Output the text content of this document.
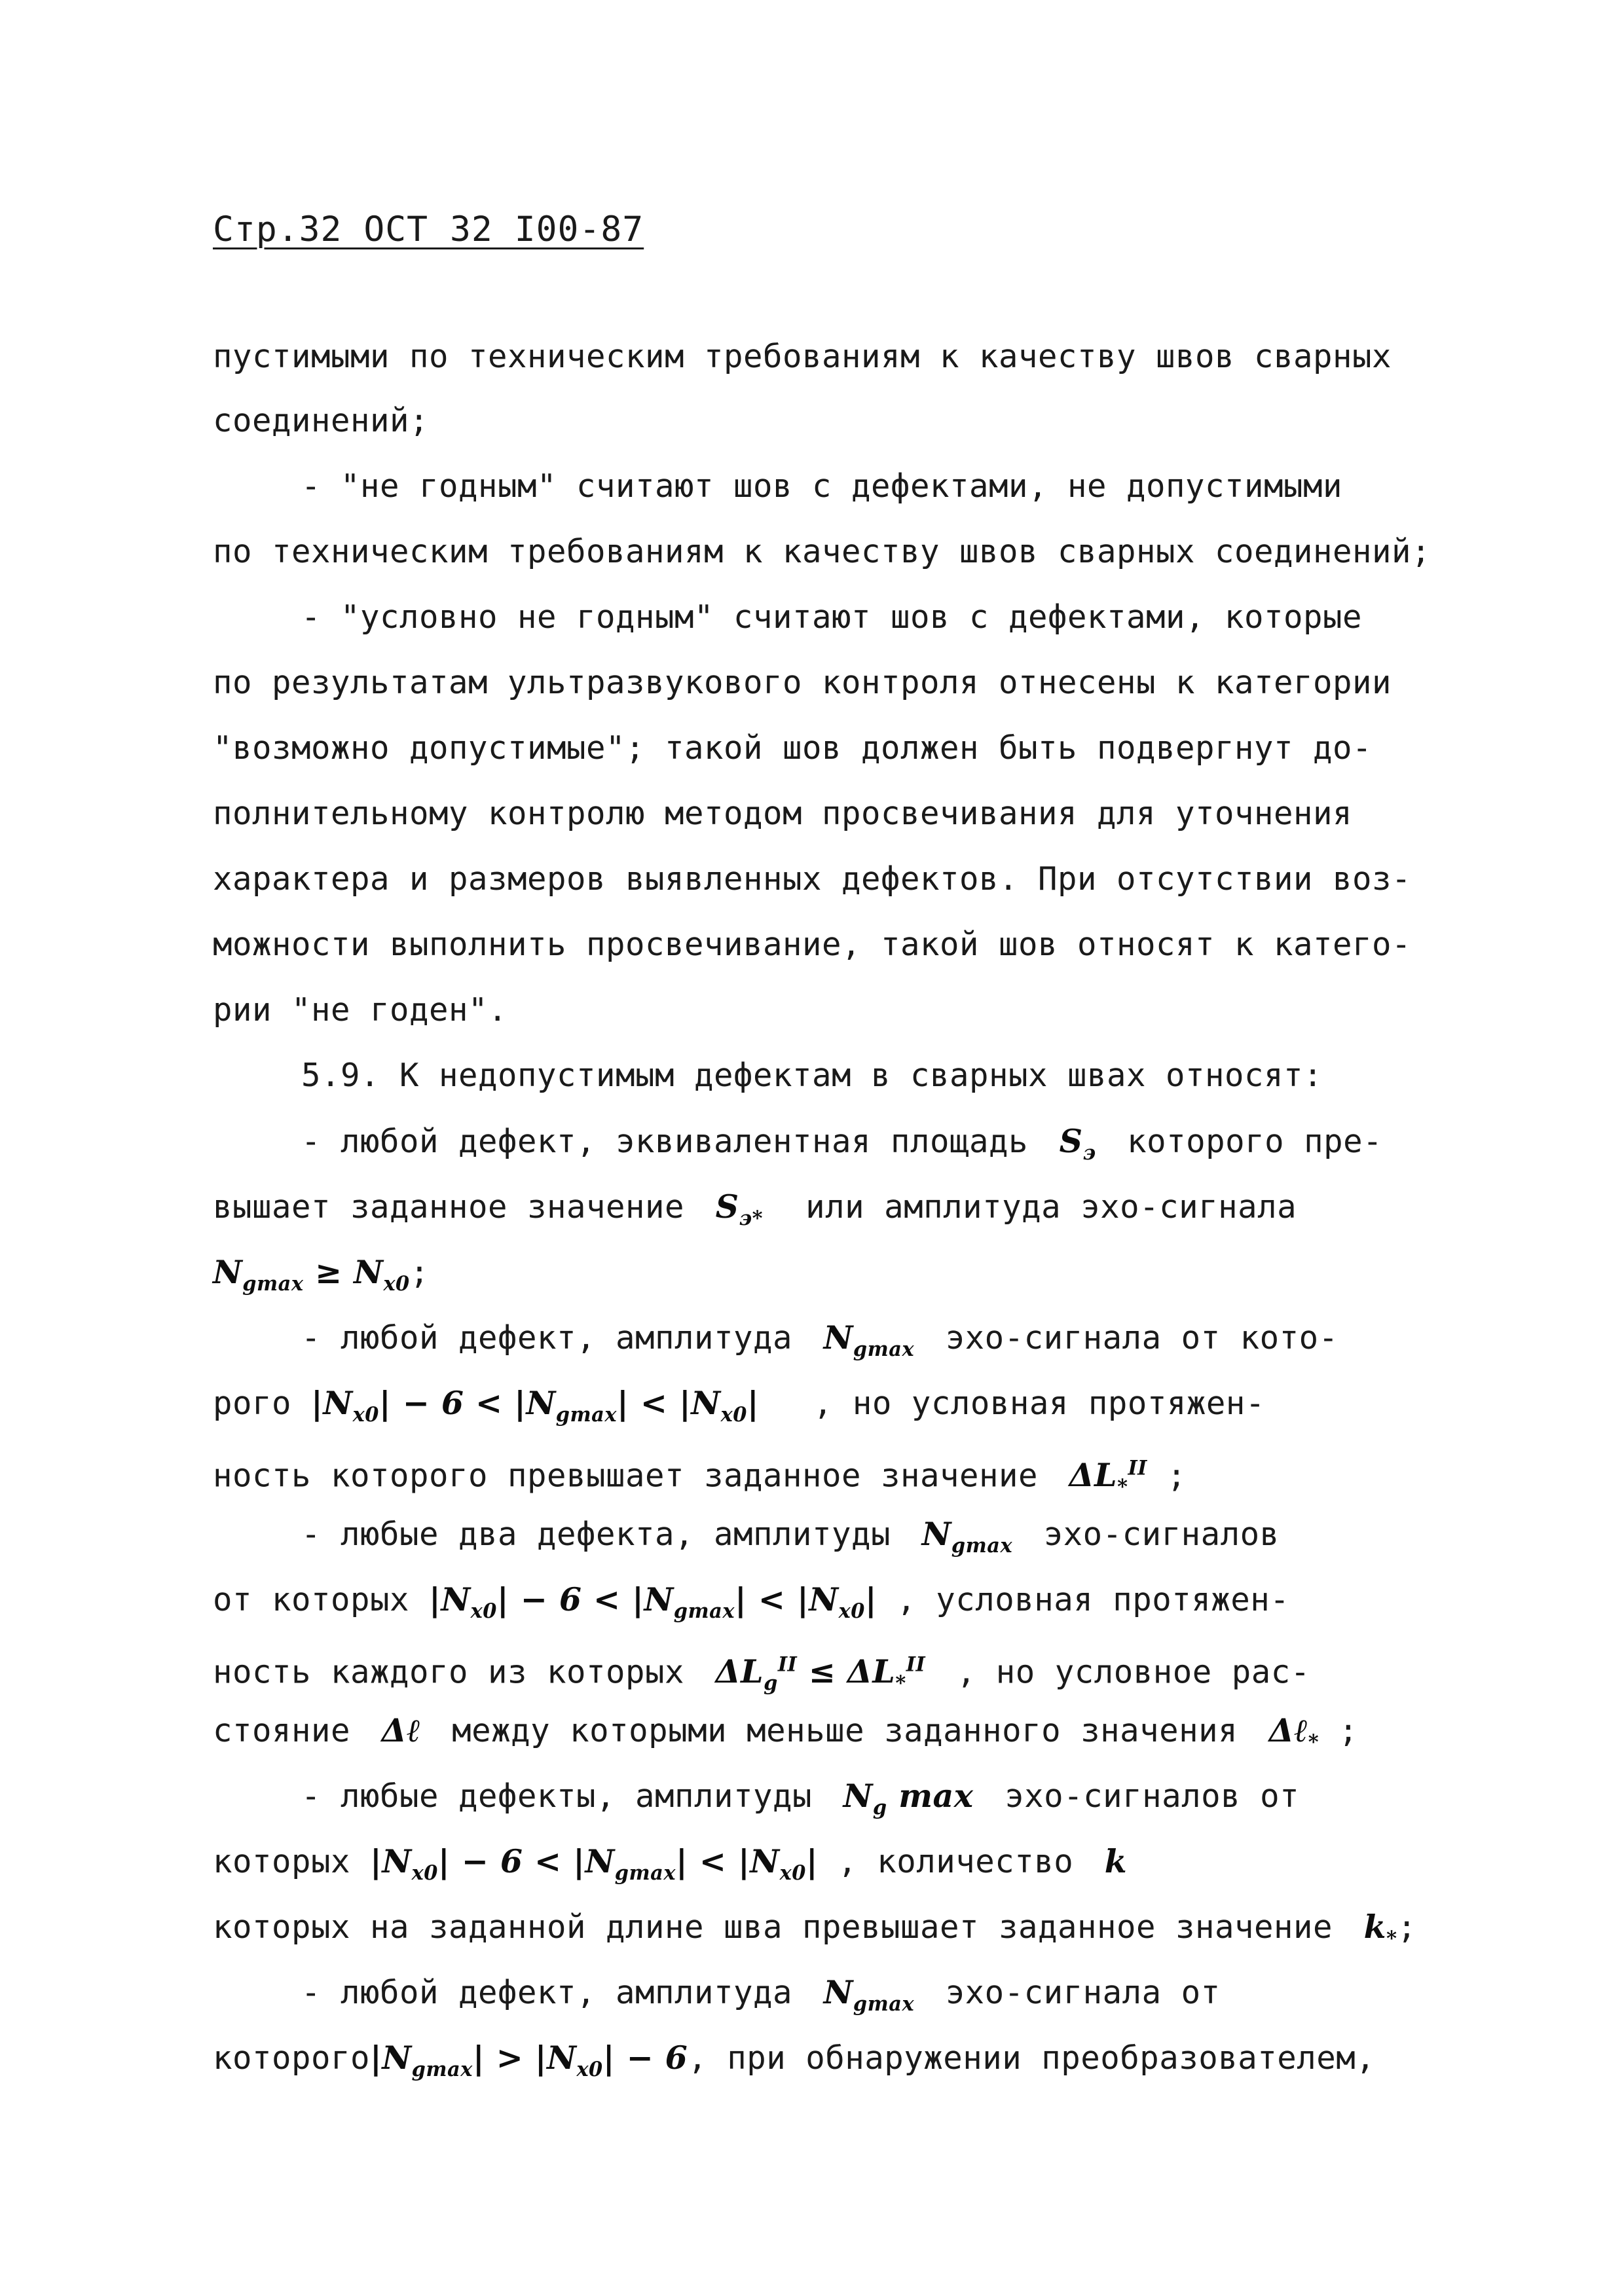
Стр.32 ОСТ 32 I00-87
пустимыми по техническим требованиям к качеству швов сварных
соединений;
- "не годным" считают шов с дефектами, не допустимыми
по техническим требованиям к качеству швов сварных соединений;
- "условно не годным" считают шов с дефектами, которые
по результатам ультразвукового контроля отнесены к категории
"возможно допустимые"; такой шов должен быть подвергнут до-
полнительному контролю методом просвечивания для уточнения
характера и размеров выявленных дефектов. При отсутствии воз-
можности выполнить просвечивание, такой шов относят к катего-
рии "не годен".
5.9. К недопустимым дефектам в сварных швах относят:
- любой дефект, эквивалентная площадь  $S_э$ которого пре-
вышает заданное значение  $S_{э*}$ или амплитуда эхо-сигнала
$N_{gmax} \ge N_{x0}$;
- любой дефект, амплитуда  $N_{gmax}$ эхо-сигнала от кото-
рого $|N_{x0}| - 6 < |N_{gmax}| < |N_{x0}|$    , но условная протяжен-
ность которого превышает заданное значение  $\Delta L_*^{II}$ ;
- любые два дефекта, амплитуды  $N_{gmax}$ эхо-сигналов
от которых $|N_{x0}| - 6 < |N_{gmax}| < |N_{x0}|$ , условная протяжен-
ность каждого из которых  $\Delta L_g^{II} \le \Delta L_*^{II}$ , но условное рас-
стояние  Δℓ  между которыми меньше заданного значения  Δℓ$_*$ ;
- любые дефекты, амплитуды  $N_g$ max  эхо-сигналов от
которых $|N_{x0}| - 6 < |N_{gmax}| < |N_{x0}|$ , количество  k
которых на заданной длине шва превышает заданное значение  $k_*$;
- любой дефект, амплитуда  $N_{gmax}$ эхо-сигнала от
$которого|N_{gmax}| > |N_{x0}| - 6$, при обнаружении преобразователем,
